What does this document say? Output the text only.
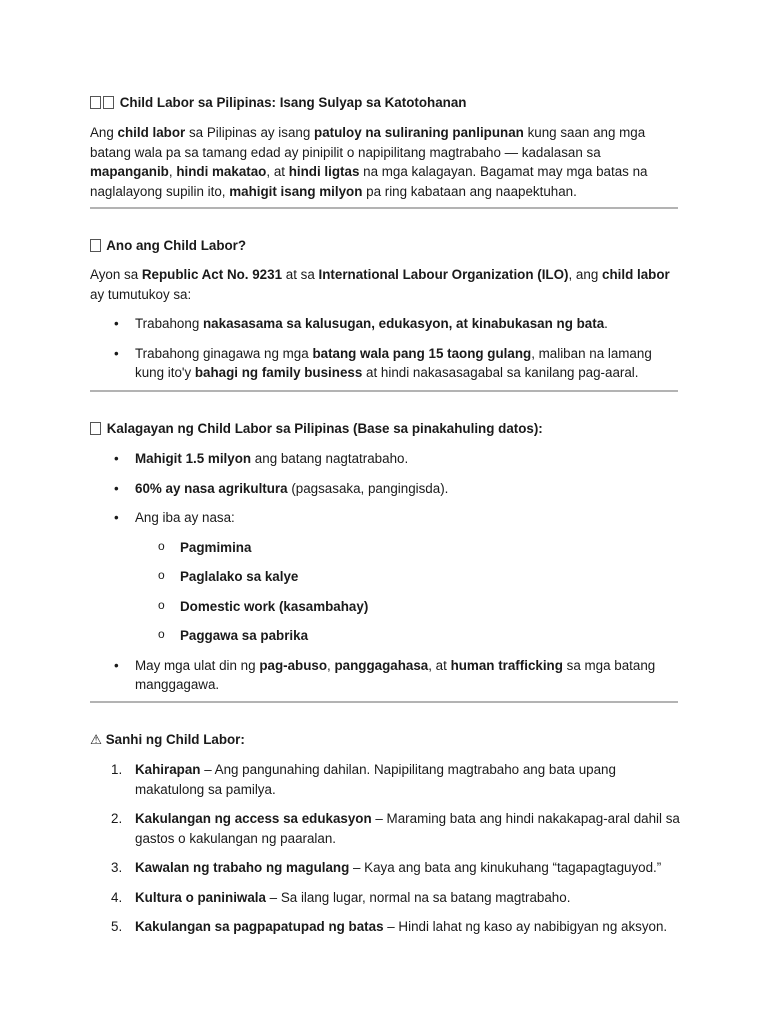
Child Labor sa Pilipinas: Isang Sulyap sa Katotohanan

Ang child labor sa Pilipinas ay isang patuloy na suliraning panlipunan kung saan ang mga batang wala pa sa tamang edad ay pinipilit o napipilitang magtrabaho — kadalasan sa mapanganib, hindi makatao, at hindi ligtas na mga kalagayan. Bagamat may mga batas na naglalayong supilin ito, mahigit isang milyon pa ring kabataan ang naapektuhan.

Ano ang Child Labor?

Ayon sa Republic Act No. 9231 at sa International Labour Organization (ILO), ang child labor ay tumutukoy sa:

• Trabahong nakasasama sa kalusugan, edukasyon, at kinabukasan ng bata.
• Trabahong ginagawa ng mga batang wala pang 15 taong gulang, maliban na lamang kung ito'y bahagi ng family business at hindi nakasasagabal sa kanilang pag-aaral.

Kalagayan ng Child Labor sa Pilipinas (Base sa pinakahuling datos):

• Mahigit 1.5 milyon ang batang nagtatrabaho.
• 60% ay nasa agrikultura (pagsasaka, pangingisda).
• Ang iba ay nasa:
o Pagmimina
o Paglalako sa kalye
o Domestic work (kasambahay)
o Paggawa sa pabrika
• May mga ulat din ng pag-abuso, panggagahasa, at human trafficking sa mga batang manggagawa.

⚠ Sanhi ng Child Labor:

1. Kahirapan – Ang pangunahing dahilan. Napipilitang magtrabaho ang bata upang makatulong sa pamilya.
2. Kakulangan ng access sa edukasyon – Maraming bata ang hindi nakakapag-aral dahil sa gastos o kakulangan ng paaralan.
3. Kawalan ng trabaho ng magulang – Kaya ang bata ang kinukuhang “tagapagtaguyod.”
4. Kultura o paniniwala – Sa ilang lugar, normal na sa batang magtrabaho.
5. Kakulangan sa pagpapatupad ng batas – Hindi lahat ng kaso ay nabibigyan ng aksyon.
